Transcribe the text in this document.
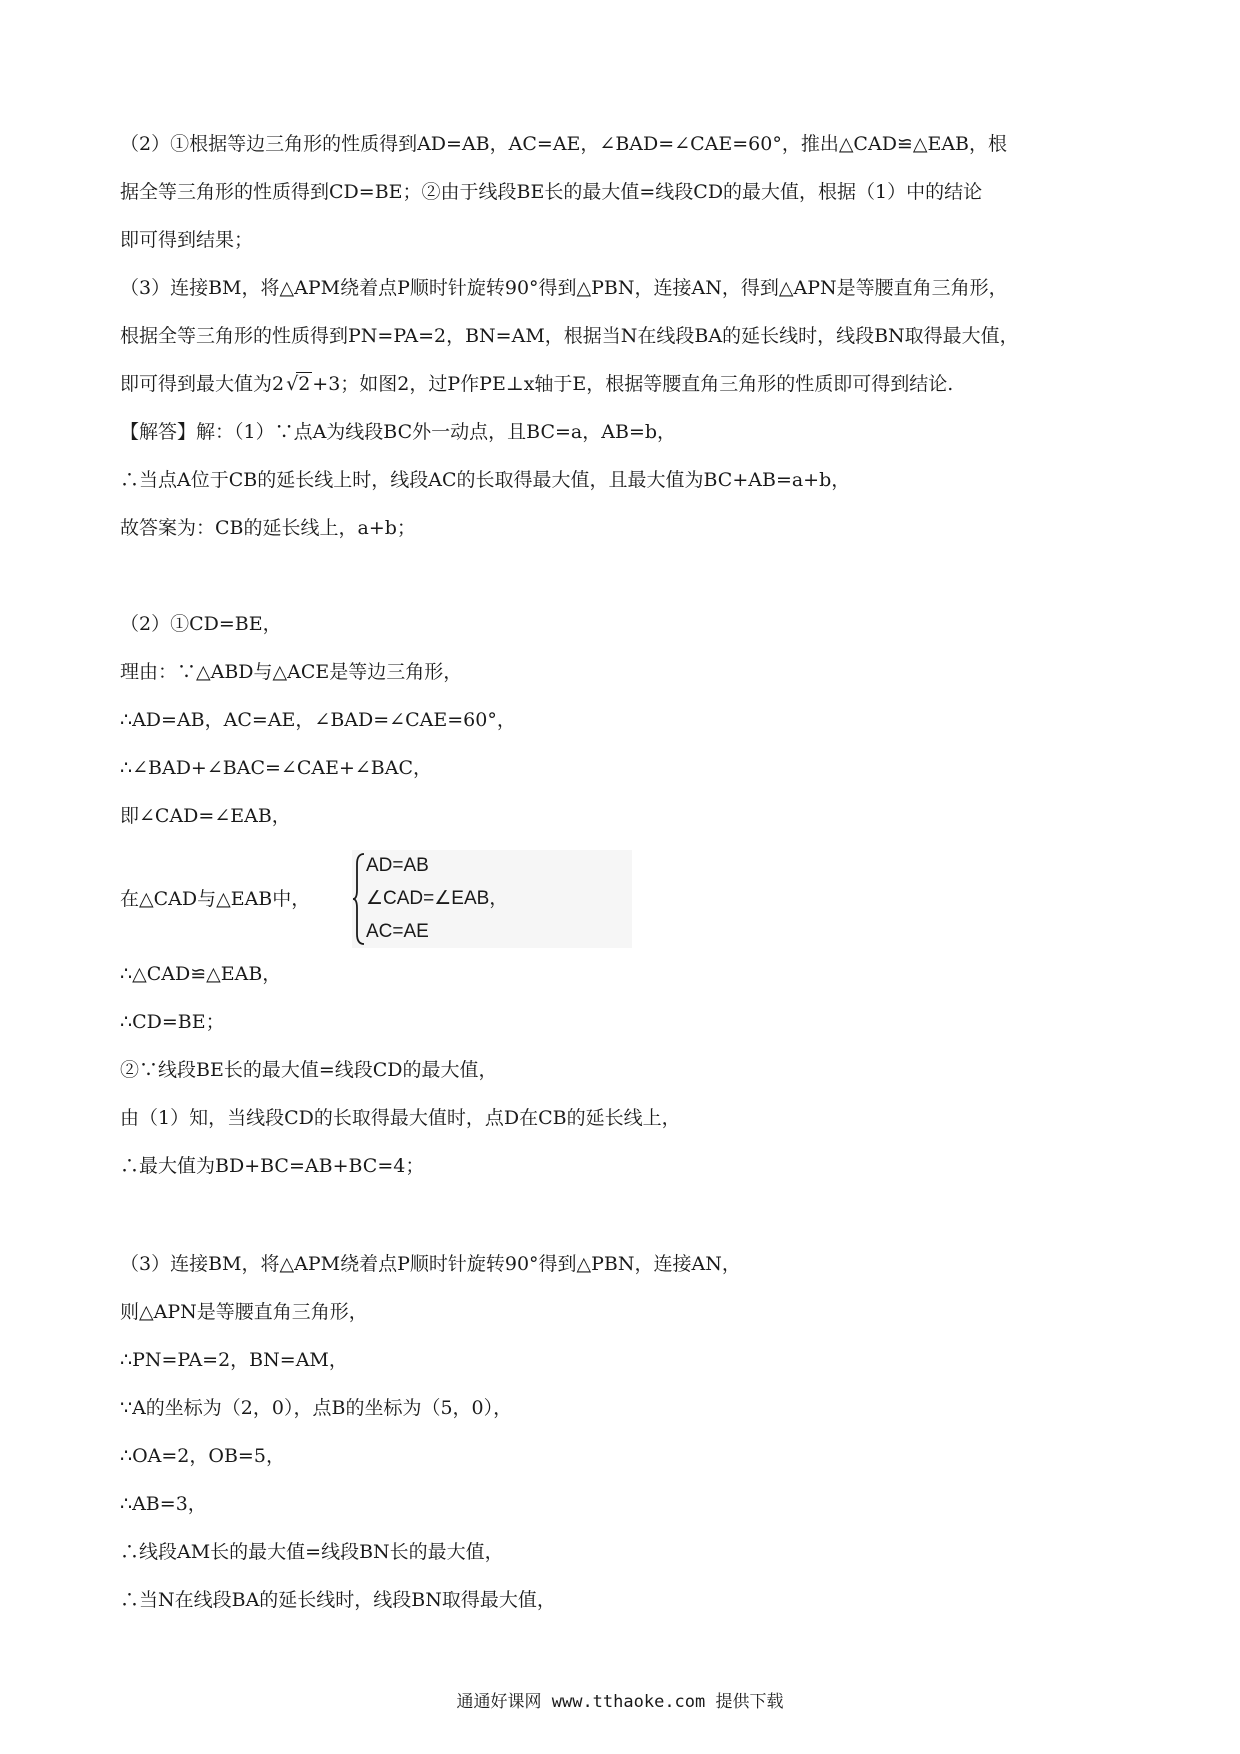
（2）①根据等边三角形的性质得到AD=AB，AC=AE，∠BAD=∠CAE=60°，推出△CAD≌△EAB，根
据全等三角形的性质得到CD=BE；②由于线段BE长的最大值=线段CD的最大值，根据（1）中的结论
即可得到结果；
（3）连接BM，将△APM绕着点P顺时针旋转90°得到△PBN，连接AN，得到△APN是等腰直角三角形，
根据全等三角形的性质得到PN=PA=2，BN=AM，根据当N在线段BA的延长线时，线段BN取得最大值，
即可得到最大值为2 √2 +3；如图2，过P作PE⊥x轴于E，根据等腰直角三角形的性质即可得到结论.
【解答】解：（1）∵点A为线段BC外一动点，且BC=a，AB=b，
∴当点A位于CB的延长线上时，线段AC的长取得最大值，且最大值为BC+AB=a+b，
故答案为：CB的延长线上，a+b；
（2）①CD=BE，
理由：∵△ABD与△ACE是等边三角形，
∴AD=AB，AC=AE，∠BAD=∠CAE=60°，
∴∠BAD+∠BAC=∠CAE+∠BAC，
即∠CAD=∠EAB，
在△CAD与△EAB中，
AD=AB
∠CAD=∠EAB，
AC=AE
∴△CAD≌△EAB，
∴CD=BE；
②∵线段BE长的最大值=线段CD的最大值，
由（1）知，当线段CD的长取得最大值时，点D在CB的延长线上，
∴最大值为BD+BC=AB+BC=4；
（3）连接BM，将△APM绕着点P顺时针旋转90°得到△PBN，连接AN，
则△APN是等腰直角三角形，
∴PN=PA=2，BN=AM，
∵A的坐标为（2，0），点B的坐标为（5，0），
∴OA=2，OB=5，
∴AB=3，
∴线段AM长的最大值=线段BN长的最大值，
∴当N在线段BA的延长线时，线段BN取得最大值，
通通好课网 www.tthaoke.com 提供下载
